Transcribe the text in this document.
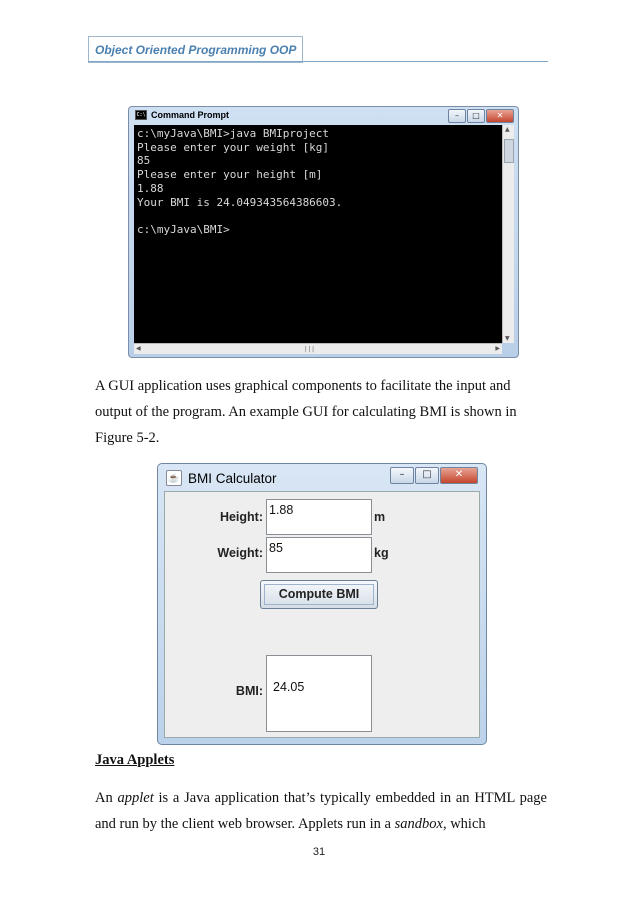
Object Oriented Programming OOP
C:\ Command Prompt	–	□	✕
c:\myJava\BMI>java BMIproject
Please enter your weight [kg]
85
Please enter your height [m]
1.88
Your BMI is 24.049343564386603.

c:\myJava\BMI>
▲
▼
◀	|||	▶

A GUI application uses graphical components to facilitate the input and output of the program. An example GUI for calculating BMI is shown in Figure 5-2.

☕ BMI Calculator	–	□	✕
Height: 1.88	m
Weight: 85	kg
Compute BMI
BMI: 24.05

Java Applets

An applet is a Java application that’s typically embedded in an HTML page and run by the client web browser. Applets run in a sandbox, which

31
